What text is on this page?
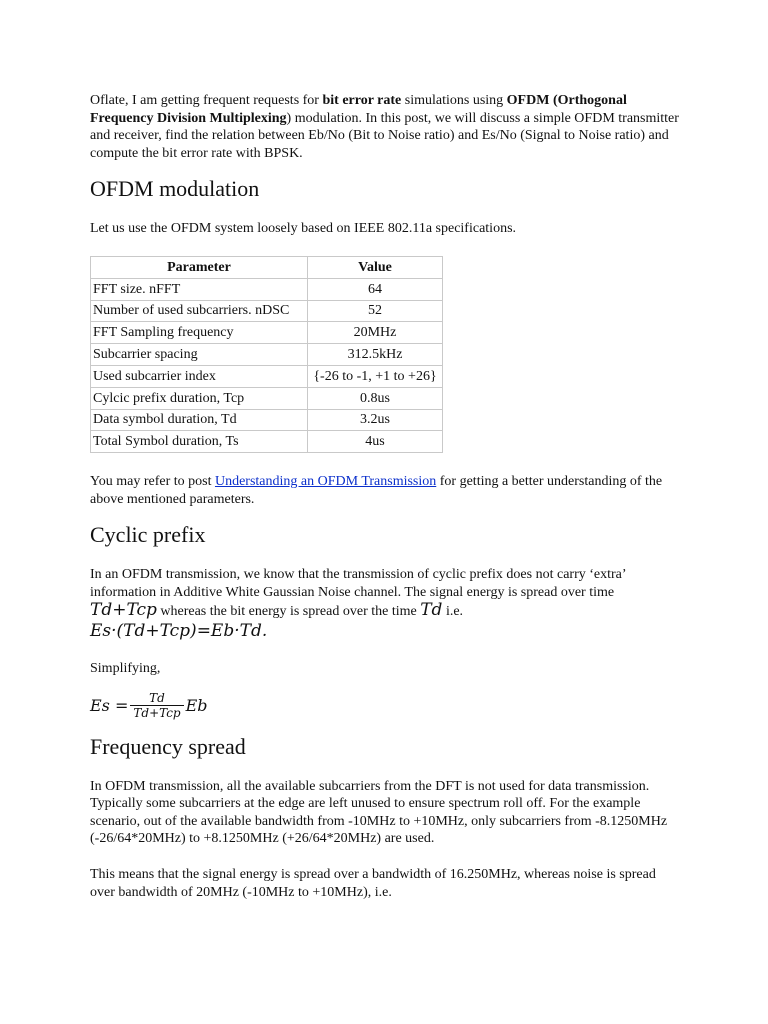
Oflate, I am getting frequent requests for bit error rate simulations using OFDM (Orthogonal Frequency Division Multiplexing) modulation. In this post, we will discuss a simple OFDM transmitter and receiver, find the relation between Eb/No (Bit to Noise ratio) and Es/No (Signal to Noise ratio) and compute the bit error rate with BPSK.

OFDM modulation

Let us use the OFDM system loosely based on IEEE 802.11a specifications.

Parameter	Value
FFT size. nFFT	64
Number of used subcarriers. nDSC	52
FFT Sampling frequency	20MHz
Subcarrier spacing	312.5kHz
Used subcarrier index	{-26 to -1, +1 to +26}
Cylcic prefix duration, Tcp	0.8us
Data symbol duration, Td	3.2us
Total Symbol duration, Ts	4us

You may refer to post Understanding an OFDM Transmission for getting a better understanding of the above mentioned parameters.

Cyclic prefix

In an OFDM transmission, we know that the transmission of cyclic prefix does not carry ‘extra’ information in Additive White Gaussian Noise channel. The signal energy is spread over time Td+Tcp whereas the bit energy is spread over the time Td i.e.

Es·(Td+Tcp)=Eb·Td.

Simplifying,

$Es = \frac{Td}{\text{Td+Tcp}}$ Eb
Frequency spread

In OFDM transmission, all the available subcarriers from the DFT is not used for data transmission. Typically some subcarriers at the edge are left unused to ensure spectrum roll off. For the example scenario, out of the available bandwidth from -10MHz to +10MHz, only subcarriers from -8.1250MHz (-26/64*20MHz) to +8.1250MHz (+26/64*20MHz) are used.

This means that the signal energy is spread over a bandwidth of 16.250MHz, whereas noise is spread over bandwidth of 20MHz (-10MHz to +10MHz), i.e.
